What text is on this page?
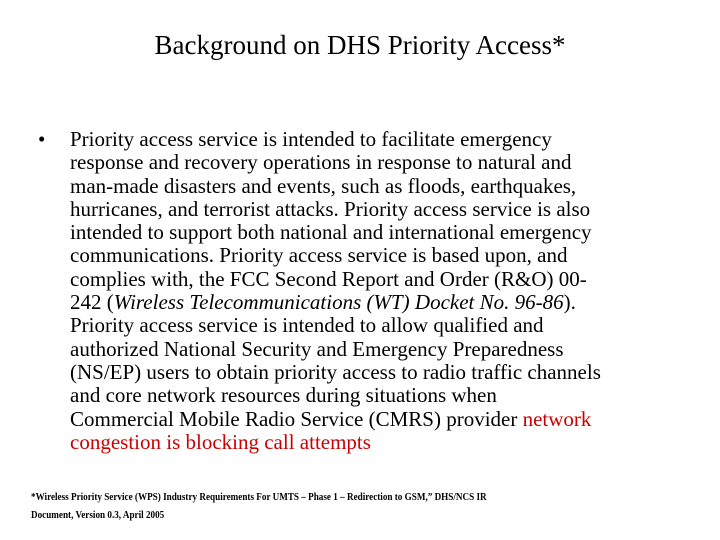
Background on DHS Priority Access*
•	Priority access service is intended to facilitate emergency
response and recovery operations in response to natural and
man-made disasters and events, such as floods, earthquakes,
hurricanes, and terrorist attacks. Priority access service is also
intended to support both national and international emergency
communications. Priority access service is based upon, and
complies with, the FCC Second Report and Order (R&O) 00-
242 (Wireless Telecommunications (WT) Docket No. 96-86).
Priority access service is intended to allow qualified and
authorized National Security and Emergency Preparedness
(NS/EP) users to obtain priority access to radio traffic channels
and core network resources during situations when
Commercial Mobile Radio Service (CMRS) provider network
congestion is blocking call attempts
*Wireless Priority Service (WPS) Industry Requirements For UMTS – Phase 1 – Redirection to GSM,” DHS/NCS IR
Document, Version 0.3, April 2005
